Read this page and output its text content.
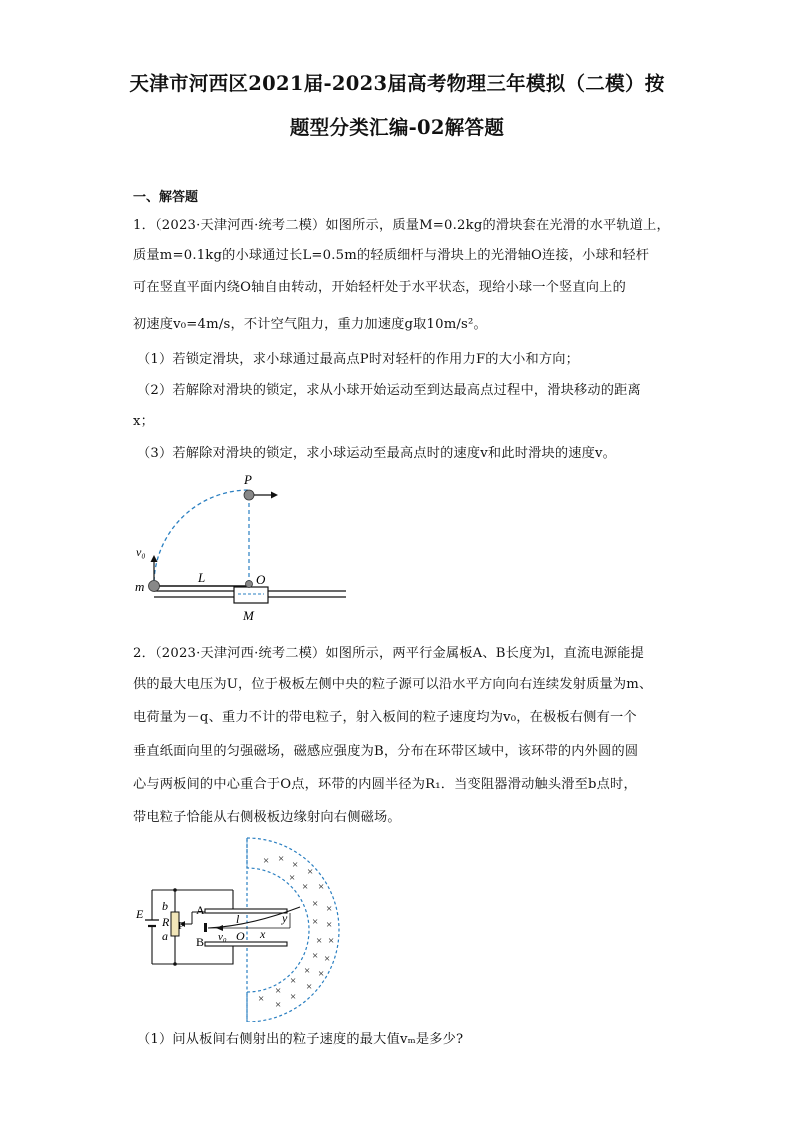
天津市河西区2021届-2023届高考物理三年模拟（二模）按
题型分类汇编-02解答题
一、解答题
1．（2023·天津河西·统考二模）如图所示，质量M=0.2kg的滑块套在光滑的水平轨道上，
质量m=0.1kg的小球通过长L=0.5m的轻质细杆与滑块上的光滑轴O连接，小球和轻杆
可在竖直平面内绕O轴自由转动，开始轻杆处于水平状态，现给小球一个竖直向上的
初速度v₀=4m/s，不计空气阻力，重力加速度g取10m/s²。
（1）若锁定滑块，求小球通过最高点P时对轻杆的作用力F的大小和方向；
（2）若解除对滑块的锁定，求从小球开始运动至到达最高点过程中，滑块移动的距离
x；
（3）若解除对滑块的锁定，求小球运动至最高点时的速度v和此时滑块的速度v。
P
v₀
m
L	O
M
2．（2023·天津河西·统考二模）如图所示，两平行金属板A、B长度为l，直流电源能提
供的最大电压为U，位于极板左侧中央的粒子源可以沿水平方向向右连续发射质量为m、
电荷量为－q、重力不计的带电粒子，射入板间的粒子速度均为v₀，在极板右侧有一个
垂直纸面向里的匀强磁场，磁感应强度为B，分布在环带区域中，该环带的内外圆的圆
心与两板间的中心重合于O点，环带的内圆半径为R₁．当变阻器滑动触头滑至b点时，
带电粒子恰能从右侧极板边缘射向右侧磁场。
× × ×
×
×
× ×
× ×
× ×
× ×
× ×
× ×
× ×
× ×
× ×
E
b
R
a
P
A
B
l	y
v₀ O x
（1）问从板间右侧射出的粒子速度的最大值vₘ是多少?
